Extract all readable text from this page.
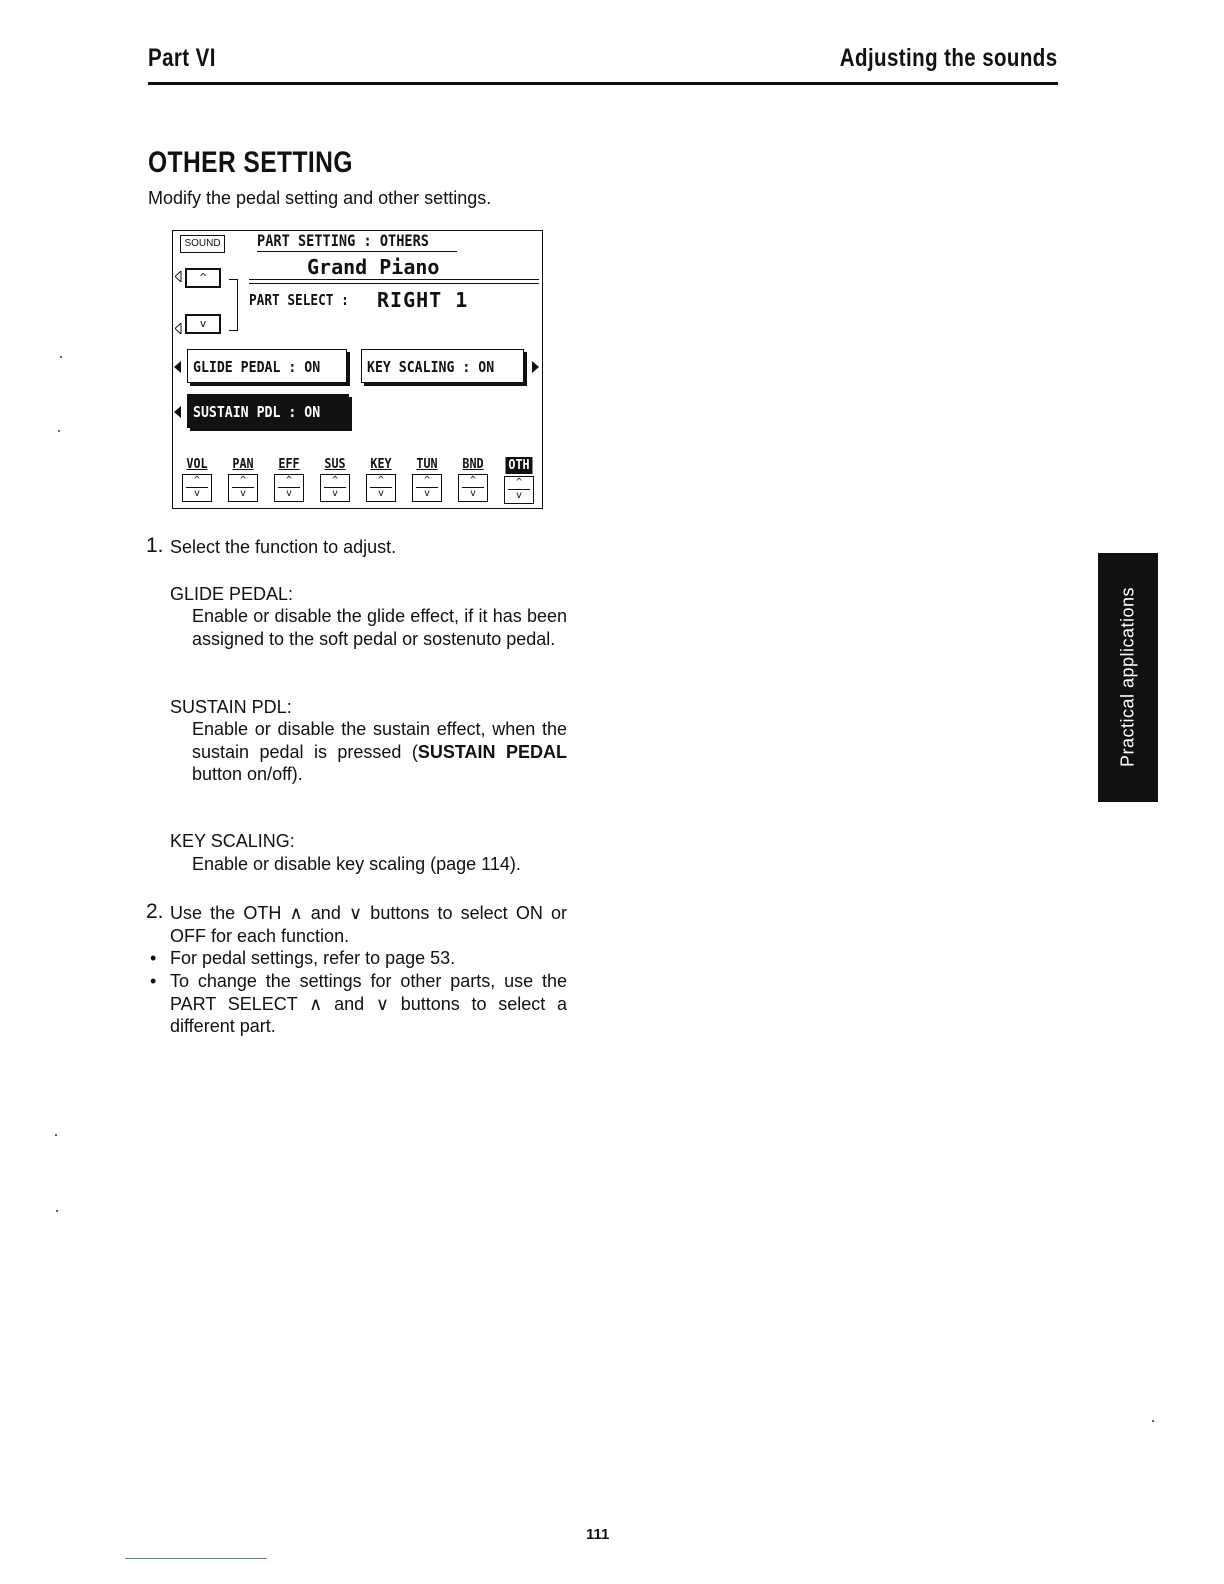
Part VI	Adjusting the sounds
OTHER SETTING
Modify the pedal setting and other settings.
SOUND PART SETTING : OTHERS
^
v
Grand Piano
PART SELECT : RIGHT 1
GLIDE PEDAL : ON	KEY SCALING : ON
SUSTAIN PDL : ON
VOL
^
v
PAN
^
v
EFF
^
v
SUS
^
v
KEY
^
v
TUN
^
v
BND
^
v
OTH
^
v
1. Select the function to adjust.
GLIDE PEDAL:
Enable or disable the glide effect, if it has been assigned to the soft pedal or sostenuto pedal.
SUSTAIN PDL:
Enable or disable the sustain effect, when the sustain pedal is pressed (SUSTAIN PEDAL button on/off).
KEY SCALING:
Enable or disable key scaling (page 114).
2. Use the OTH ∧ and ∨ buttons to select ON or OFF for each function.
• For pedal settings, refer to page 53.
• To change the settings for other parts, use the PART SELECT ∧ and ∨ buttons to select a different part.
Practical applications
111
